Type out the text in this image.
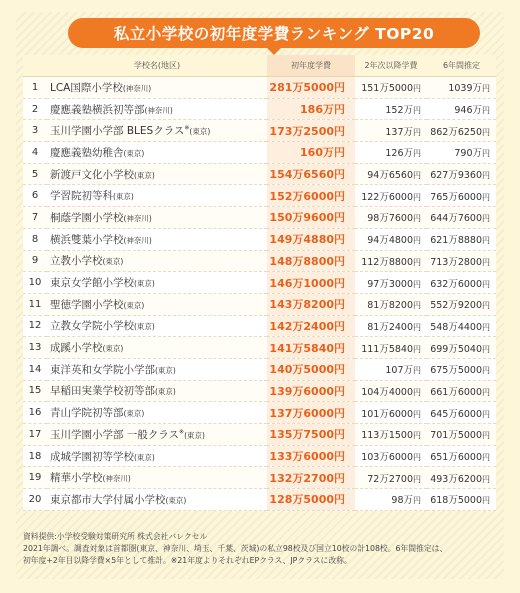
私立小学校の初年度学費ランキング TOP20
	学校名(地区)	初年度学費	2年次以降学費	6年間推定
1	LCA国際小学校(神奈川)	281万5000円	151万5000円	1039万円
2	慶應義塾横浜初等部(神奈川)	186万円	152万円	946万円
3	玉川学園小学部 BLESクラス※(東京)	173万2500円	137万円	862万6250円
4	慶應義塾幼稚舎(東京)	160万円	126万円	790万円
5	新渡戸文化小学校(東京)	154万6560円	94万6560円	627万9360円
6	学習院初等科(東京)	152万6000円	122万6000円	765万6000円
7	桐蔭学園小学校(神奈川)	150万9600円	98万7600円	644万7600円
8	横浜雙葉小学校(神奈川)	149万4880円	94万4800円	621万8880円
9	立教小学校(東京)	148万8800円	112万8800円	713万2800円
10	東京女学館小学校(東京)	146万1000円	97万3000円	632万6000円
11	聖徳学園小学校(東京)	143万8200円	81万8200円	552万9200円
12	立教女学院小学校(東京)	142万2400円	81万2400円	548万4400円
13	成蹊小学校(東京)	141万5840円	111万5840円	699万5040円
14	東洋英和女学院小学部(東京)	140万5000円	107万円	675万5000円
15	早稲田実業学校初等部(東京)	139万6000円	104万4000円	661万6000円
16	青山学院初等部(東京)	137万6000円	101万6000円	645万6000円
17	玉川学園小学部 一般クラス※(東京)	135万7500円	113万1500円	701万5000円
18	成城学園初等学校(東京)	133万6000円	103万6000円	651万6000円
19	精華小学校(神奈川)	132万2700円	72万2700円	493万6200円
20	東京都市大学付属小学校(東京)	128万5000円	98万円	618万5000円
資料提供:小学校受験対策研究所 株式会社バレクセル
2021年調べ。調査対象は首都圏(東京、神奈川、埼玉、千葉、茨城)の私立98校及び国立10校の計108校。6年間推定は、
初年度+2年目以降学費×5年として推計。※21年度よりそれぞれEPクラス、JPクラスに改称。
